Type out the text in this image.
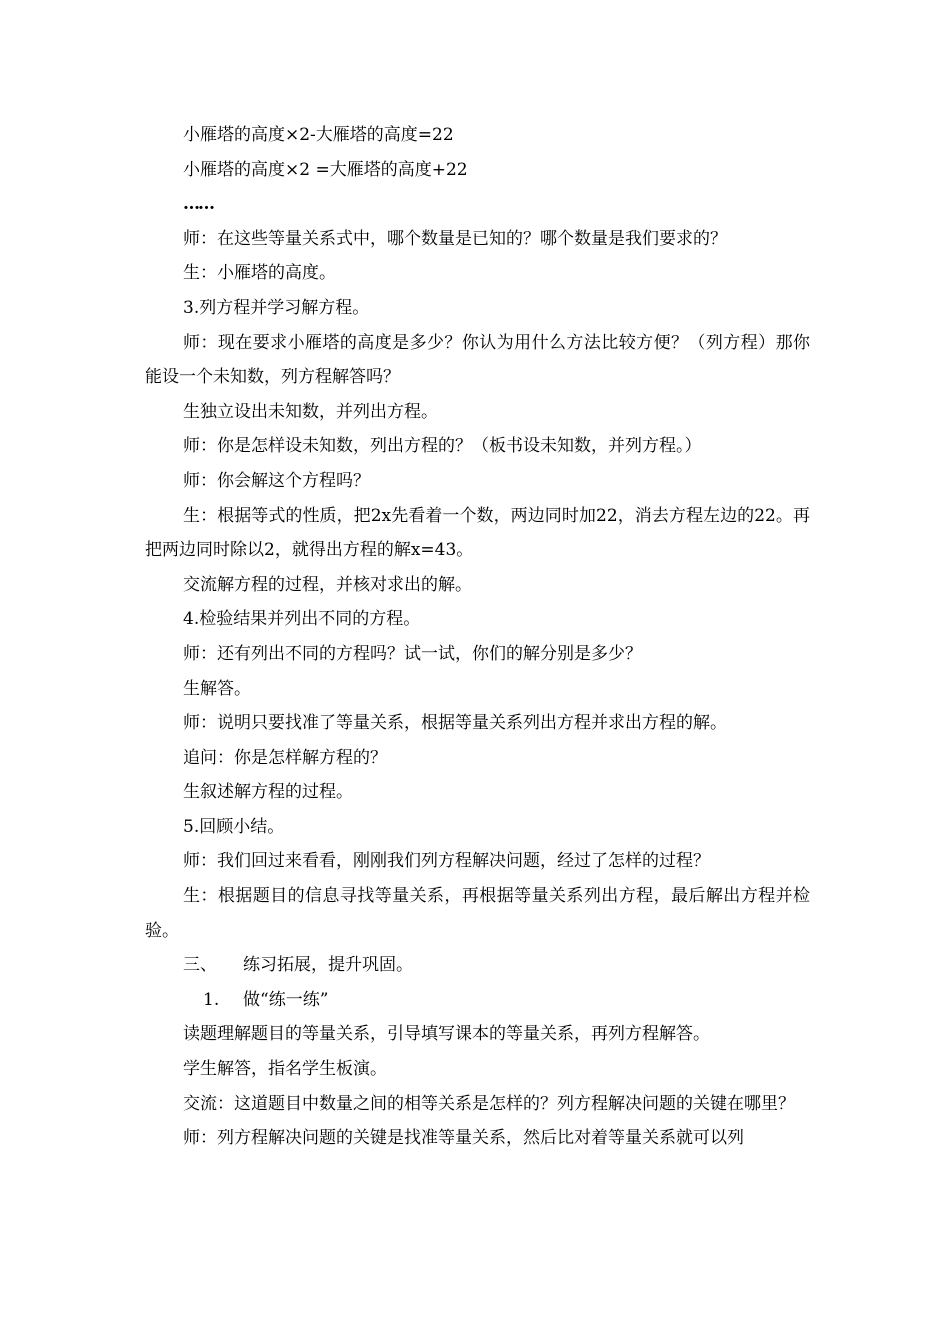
小雁塔的高度×2-大雁塔的高度=22

小雁塔的高度×2 =大雁塔的高度+22

……

师：在这些等量关系式中，哪个数量是已知的？哪个数量是我们要求的？

生：小雁塔的高度。

3.列方程并学习解方程。

师：现在要求小雁塔的高度是多少？你认为用什么方法比较方便？（列方程）那你能设一个未知数，列方程解答吗？

生独立设出未知数，并列出方程。

师：你是怎样设未知数，列出方程的？（板书设未知数，并列方程。）

师：你会解这个方程吗？

生：根据等式的性质，把2x先看着一个数，两边同时加22，消去方程左边的22。再把两边同时除以2，就得出方程的解x=43。

交流解方程的过程，并核对求出的解。

4.检验结果并列出不同的方程。

师：还有列出不同的方程吗？试一试，你们的解分别是多少？

生解答。

师：说明只要找准了等量关系，根据等量关系列出方程并求出方程的解。

追问：你是怎样解方程的？

生叙述解方程的过程。

5.回顾小结。

师：我们回过来看看，刚刚我们列方程解决问题，经过了怎样的过程？

生：根据题目的信息寻找等量关系，再根据等量关系列出方程，最后解出方程并检验。

三、 练习拓展，提升巩固。

1. 做“练一练”

读题理解题目的等量关系，引导填写课本的等量关系，再列方程解答。

学生解答，指名学生板演。

交流：这道题目中数量之间的相等关系是怎样的？列方程解决问题的关键在哪里？

师：列方程解决问题的关键是找准等量关系，然后比对着等量关系就可以列
